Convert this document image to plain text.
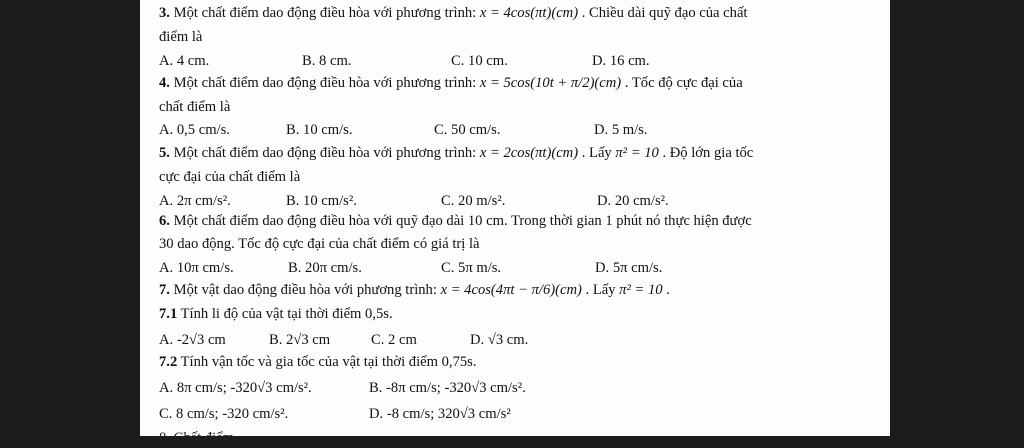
3. Một chất điểm dao động điều hòa với phương trình: x = 4cos(πt)(cm) . Chiều dài quỹ đạo của chất
điểm là
A. 4 cm.	B. 8 cm.	C. 10 cm.	D. 16 cm.
4. Một chất điểm dao động điều hòa với phương trình: x = 5cos(10t + π/2)(cm) . Tốc độ cực đại của
chất điểm là
A. 0,5 cm/s.	B. 10 cm/s.	C. 50 cm/s.	D. 5 m/s.
5. Một chất điểm dao động điều hòa với phương trình: x = 2cos(πt)(cm) . Lấy π² = 10 . Độ lớn gia tốc
cực đại của chất điểm là
A. 2π cm/s².	B. 10 cm/s².	C. 20 m/s².	D. 20 cm/s².
6. Một chất điểm dao động điều hòa với quỹ đạo dài 10 cm. Trong thời gian 1 phút nó thực hiện được
30 dao động. Tốc độ cực đại của chất điểm có giá trị là
A. 10π cm/s.	B. 20π cm/s.	C. 5π m/s.	D. 5π cm/s.
7. Một vật dao động điều hòa với phương trình: x = 4cos(4πt − π/6)(cm) . Lấy π² = 10 .
7.1 Tính li độ của vật tại thời điểm 0,5s.
A. -2√3 cm	B. 2√3 cm	C. 2 cm	D. √3 cm.
7.2 Tính vận tốc và gia tốc của vật tại thời điểm 0,75s.
A. 8π cm/s; -320√3 cm/s².	B. -8π cm/s; -320√3 cm/s².
C. 8 cm/s; -320 cm/s².	D. -8 cm/s; 320√3 cm/s²
8. Chất điểm
